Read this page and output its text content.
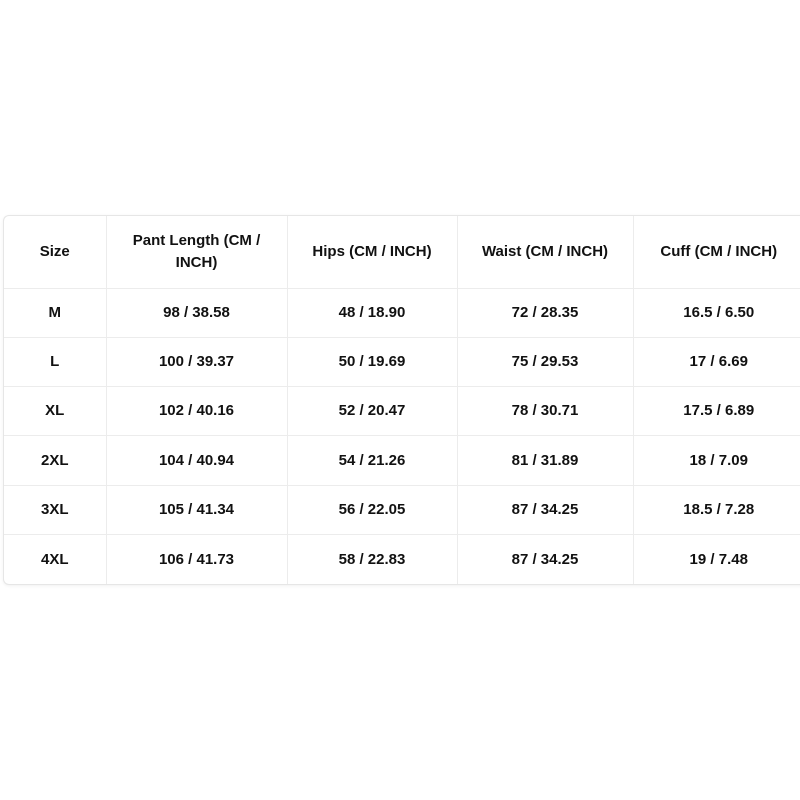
Size	Pant Length (CM / INCH)	Hips (CM / INCH)	Waist (CM / INCH)	Cuff (CM / INCH)
M	98 / 38.58	48 / 18.90	72 / 28.35	16.5 / 6.50
L	100 / 39.37	50 / 19.69	75 / 29.53	17 / 6.69
XL	102 / 40.16	52 / 20.47	78 / 30.71	17.5 / 6.89
2XL	104 / 40.94	54 / 21.26	81 / 31.89	18 / 7.09
3XL	105 / 41.34	56 / 22.05	87 / 34.25	18.5 / 7.28
4XL	106 / 41.73	58 / 22.83	87 / 34.25	19 / 7.48
